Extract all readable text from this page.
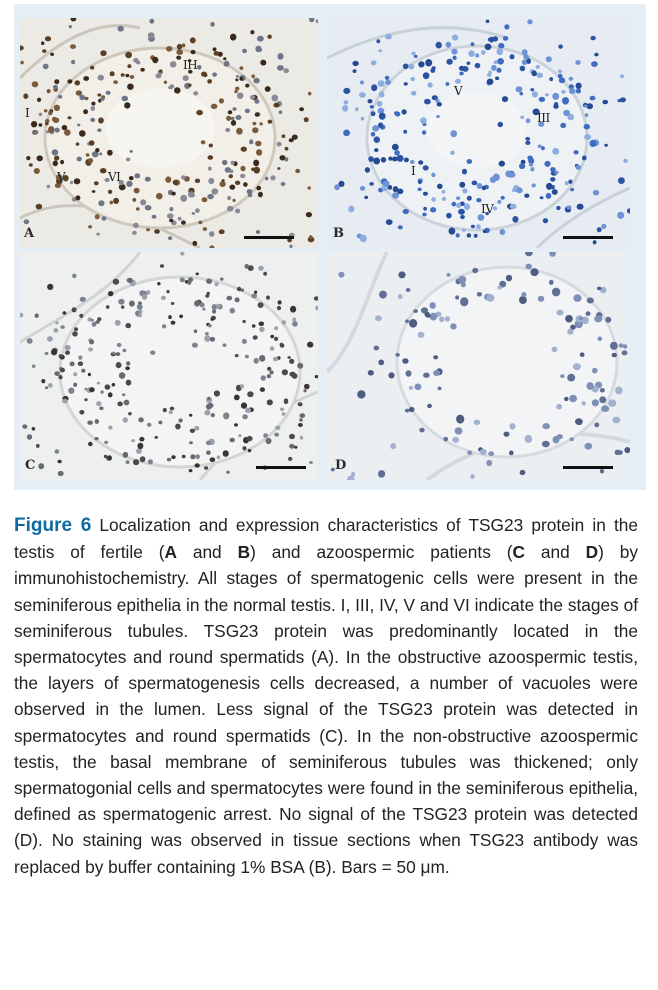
A
I
IH
V	VI
B
V
III
I
IV
C	D
Figure 6 Localization and expression characteristics of TSG23 protein in the testis of fertile (A and B) and azoospermic patients (C and D) by immunohistochemistry. All stages of spermatogenic cells were present in the seminiferous epithelia in the normal testis. I, III, IV, V and VI indicate the stages of seminiferous tubules. TSG23 protein was predominantly located in the spermatocytes and round spermatids (A). In the obstructive azoospermic testis, the layers of spermatogenesis cells decreased, a number of vacuoles were observed in the lumen. Less signal of the TSG23 protein was detected in spermatocytes and round spermatids (C). In the non-obstructive azoospermic testis, the basal membrane of seminiferous tubules was thickened; only spermatogonial cells and spermatocytes were found in the seminiferous epithelia, defined as spermatogenic arrest. No signal of the TSG23 protein was detected (D). No staining was observed in tissue sections when TSG23 antibody was replaced by buffer containing 1% BSA (B). Bars = 50 μm.
